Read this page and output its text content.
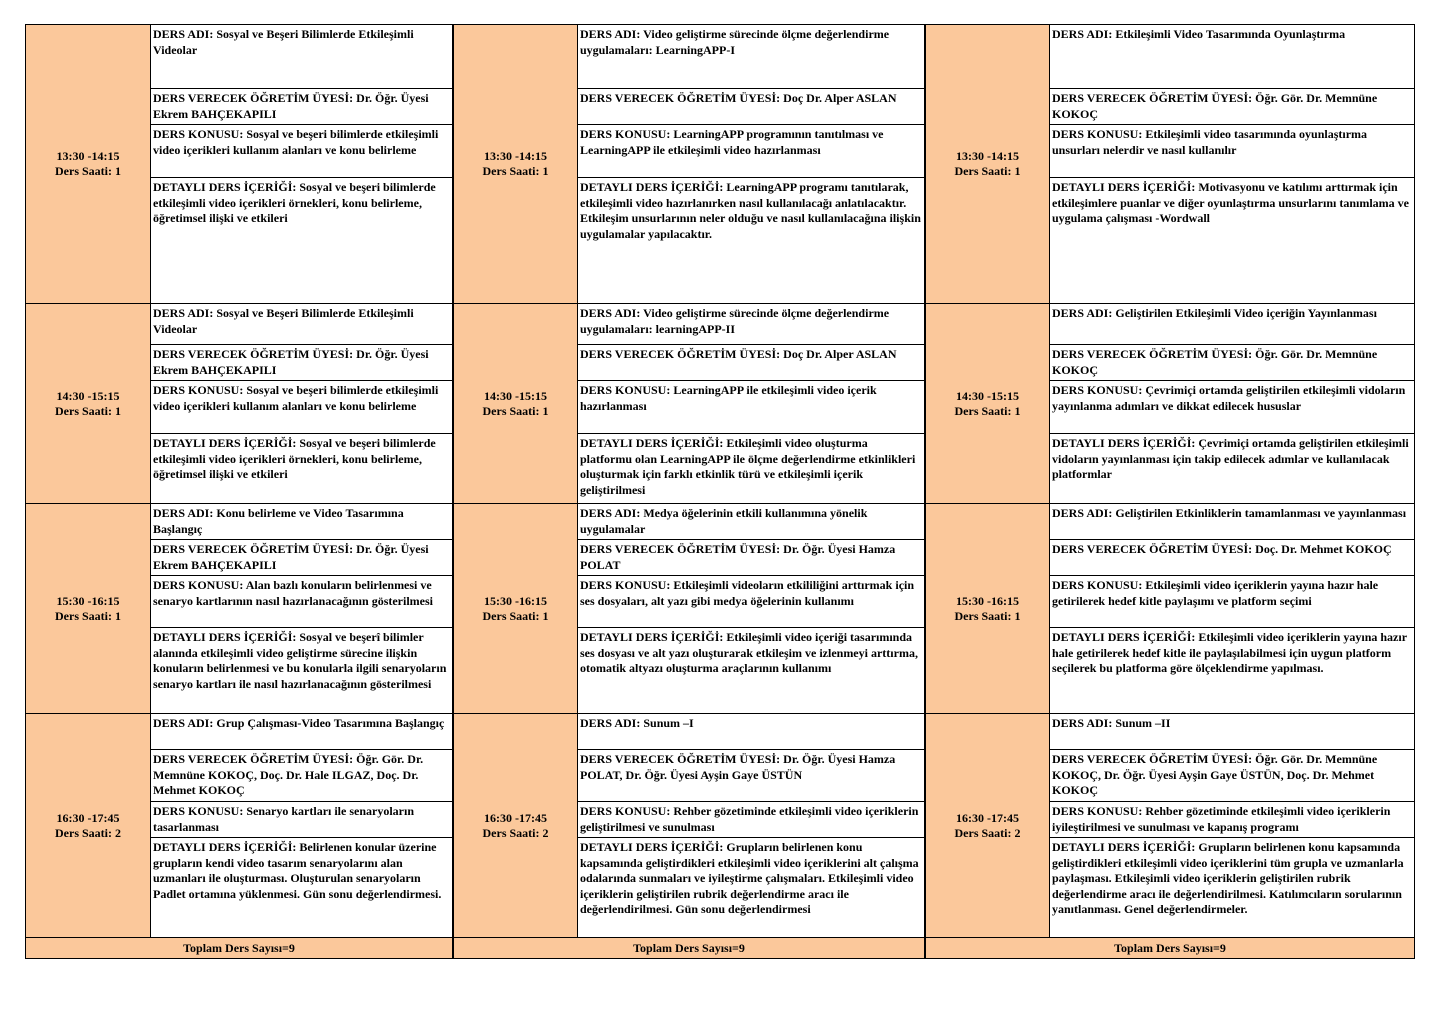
13:30 -14:15
Ders Saati: 1
DERS ADI: Sosyal ve Beşeri Bilimlerde Etkileşimli Videolar
DERS VERECEK ÖĞRETİM ÜYESİ: Dr. Öğr. Üyesi Ekrem BAHÇEKAPILI
DERS KONUSU: Sosyal ve beşeri bilimlerde etkileşimli video içerikleri kullanım alanları ve konu belirleme
DETAYLI DERS İÇERİĞİ: Sosyal ve beşeri bilimlerde etkileşimli video içerikleri örnekleri, konu belirleme, öğretimsel ilişki ve etkileri
14:30 -15:15
Ders Saati: 1
DERS ADI: Sosyal ve Beşeri Bilimlerde Etkileşimli Videolar
DERS VERECEK ÖĞRETİM ÜYESİ: Dr. Öğr. Üyesi Ekrem BAHÇEKAPILI
DERS KONUSU: Sosyal ve beşeri bilimlerde etkileşimli video içerikleri kullanım alanları ve konu belirleme
DETAYLI DERS İÇERİĞİ: Sosyal ve beşeri bilimlerde etkileşimli video içerikleri örnekleri, konu belirleme, öğretimsel ilişki ve etkileri
15:30 -16:15
Ders Saati: 1
DERS ADI: Konu belirleme ve Video Tasarımına Başlangıç
DERS VERECEK ÖĞRETİM ÜYESİ: Dr. Öğr. Üyesi Ekrem BAHÇEKAPILI
DERS KONUSU: Alan bazlı konuların belirlenmesi ve senaryo kartlarının nasıl hazırlanacağının gösterilmesi
DETAYLI DERS İÇERİĞİ: Sosyal ve beşerî bilimler alanında etkileşimli video geliştirme sürecine ilişkin konuların belirlenmesi ve bu konularla ilgili senaryoların senaryo kartları ile nasıl hazırlanacağının gösterilmesi
16:30 -17:45
Ders Saati: 2
DERS ADI: Grup Çalışması-Video Tasarımına Başlangıç
DERS VERECEK ÖĞRETİM ÜYESİ: Öğr. Gör. Dr. Memnüne KOKOÇ, Doç. Dr. Hale ILGAZ, Doç. Dr. Mehmet KOKOÇ
DERS KONUSU: Senaryo kartları ile senaryoların tasarlanması
DETAYLI DERS İÇERİĞİ: Belirlenen konular üzerine grupların kendi video tasarım senaryolarını alan uzmanları ile oluşturması. Oluşturulan senaryoların Padlet ortamına yüklenmesi. Gün sonu değerlendirmesi.
Toplam Ders Sayısı=9
13:30 -14:15
Ders Saati: 1
DERS ADI: Video geliştirme sürecinde ölçme değerlendirme uygulamaları: LearningAPP-I
DERS VERECEK ÖĞRETİM ÜYESİ: Doç Dr. Alper ASLAN
DERS KONUSU: LearningAPP programının tanıtılması ve LearningAPP ile etkileşimli video hazırlanması
DETAYLI DERS İÇERİĞİ: LearningAPP programı tanıtılarak, etkileşimli video hazırlanırken nasıl kullanılacağı anlatılacaktır. Etkileşim unsurlarının neler olduğu ve nasıl kullanılacağına ilişkin uygulamalar yapılacaktır.
14:30 -15:15
Ders Saati: 1
DERS ADI: Video geliştirme sürecinde ölçme değerlendirme uygulamaları: learningAPP-II
DERS VERECEK ÖĞRETİM ÜYESİ: Doç Dr. Alper ASLAN
DERS KONUSU: LearningAPP ile etkileşimli video içerik hazırlanması
DETAYLI DERS İÇERİĞİ: Etkileşimli video oluşturma platformu olan LearningAPP ile ölçme değerlendirme etkinlikleri oluşturmak için farklı etkinlik türü ve etkileşimli içerik geliştirilmesi
15:30 -16:15
Ders Saati: 1
DERS ADI: Medya öğelerinin etkili kullanımına yönelik uygulamalar
DERS VERECEK ÖĞRETİM ÜYESİ: Dr. Öğr. Üyesi Hamza POLAT
DERS KONUSU: Etkileşimli videoların etkililiğini arttırmak için ses dosyaları, alt yazı gibi medya öğelerinin kullanımı
DETAYLI DERS İÇERİĞİ: Etkileşimli video içeriği tasarımında ses dosyası ve alt yazı oluşturarak etkileşim ve izlenmeyi arttırma, otomatik altyazı oluşturma araçlarının kullanımı
16:30 -17:45
Ders Saati: 2
DERS ADI: Sunum –I
DERS VERECEK ÖĞRETİM ÜYESİ: Dr. Öğr. Üyesi Hamza POLAT, Dr. Öğr. Üyesi Ayşin Gaye ÜSTÜN
DERS KONUSU: Rehber gözetiminde etkileşimli video içeriklerin geliştirilmesi ve sunulması
DETAYLI DERS İÇERİĞİ: Grupların belirlenen konu kapsamında geliştirdikleri etkileşimli video içeriklerini alt çalışma odalarında sunmaları ve iyileştirme çalışmaları. Etkileşimli video içeriklerin geliştirilen rubrik değerlendirme aracı ile değerlendirilmesi. Gün sonu değerlendirmesi
Toplam Ders Sayısı=9
13:30 -14:15
Ders Saati: 1
DERS ADI: Etkileşimli Video Tasarımında Oyunlaştırma
DERS VERECEK ÖĞRETİM ÜYESİ: Öğr. Gör. Dr. Memnüne KOKOÇ
DERS KONUSU: Etkileşimli video tasarımında oyunlaştırma unsurları nelerdir ve nasıl kullanılır
DETAYLI DERS İÇERİĞİ: Motivasyonu ve katılımı arttırmak için etkileşimlere puanlar ve diğer oyunlaştırma unsurlarını tanımlama ve uygulama çalışması -Wordwall
14:30 -15:15
Ders Saati: 1
DERS ADI: Geliştirilen Etkileşimli Video içeriğin Yayınlanması
DERS VERECEK ÖĞRETİM ÜYESİ: Öğr. Gör. Dr. Memnüne KOKOÇ
DERS KONUSU: Çevrimiçi ortamda geliştirilen etkileşimli vidoların yayınlanma adımları ve dikkat edilecek hususlar
DETAYLI DERS İÇERİĞİ: Çevrimiçi ortamda geliştirilen etkileşimli vidoların yayınlanması için takip edilecek adımlar ve kullanılacak platformlar
15:30 -16:15
Ders Saati: 1
DERS ADI: Geliştirilen Etkinliklerin tamamlanması ve yayınlanması
DERS VERECEK ÖĞRETİM ÜYESİ: Doç. Dr. Mehmet KOKOÇ
DERS KONUSU: Etkileşimli video içeriklerin yayına hazır hale getirilerek hedef kitle paylaşımı ve platform seçimi
DETAYLI DERS İÇERİĞİ: Etkileşimli video içeriklerin yayına hazır hale getirilerek hedef kitle ile paylaşılabilmesi için uygun platform seçilerek bu platforma göre ölçeklendirme yapılması.
16:30 -17:45
Ders Saati: 2
DERS ADI: Sunum –II
DERS VERECEK ÖĞRETİM ÜYESİ: Öğr. Gör. Dr. Memnüne KOKOÇ, Dr. Öğr. Üyesi Ayşin Gaye ÜSTÜN, Doç. Dr. Mehmet KOKOÇ
DERS KONUSU: Rehber gözetiminde etkileşimli video içeriklerin iyileştirilmesi ve sunulması ve kapanış programı
DETAYLI DERS İÇERİĞİ: Grupların belirlenen konu kapsamında geliştirdikleri etkileşimli video içeriklerini tüm grupla ve uzmanlarla paylaşması. Etkileşimli video içeriklerin geliştirilen rubrik değerlendirme aracı ile değerlendirilmesi. Katılımcıların sorularının yanıtlanması. Genel değerlendirmeler.
Toplam Ders Sayısı=9
